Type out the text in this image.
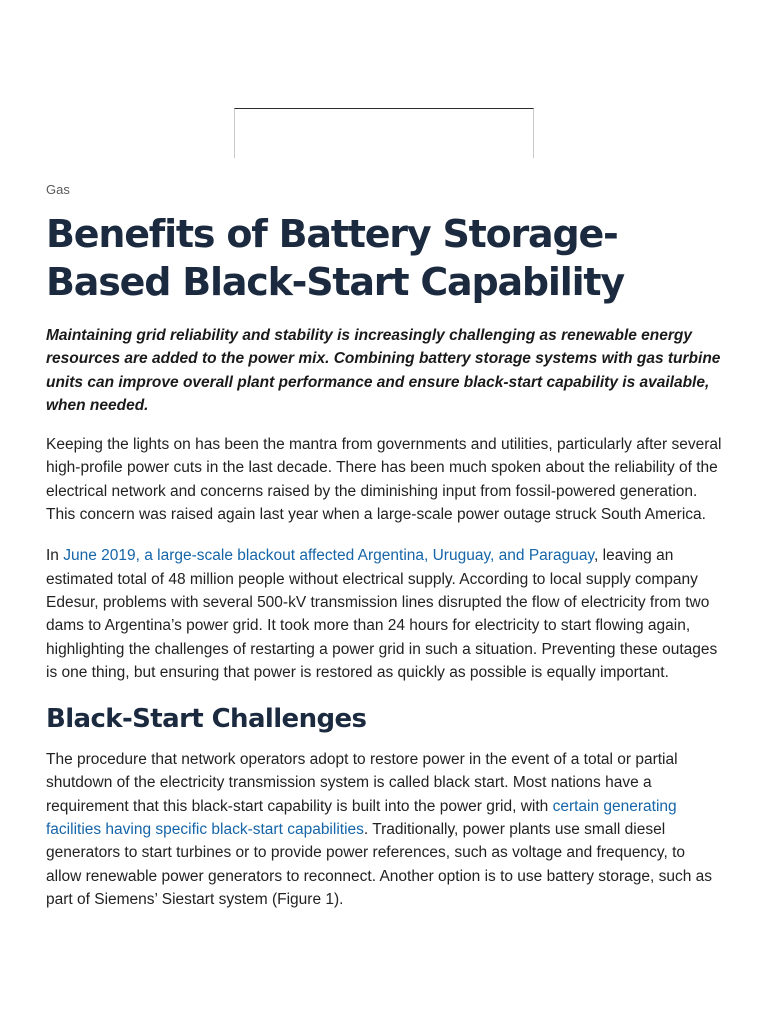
Gas
Benefits of Battery Storage-Based Black-Start Capability

Maintaining grid reliability and stability is increasingly challenging as renewable energy resources are added to the power mix. Combining battery storage systems with gas turbine units can improve overall plant performance and ensure black-start capability is available, when needed.

Keeping the lights on has been the mantra from governments and utilities, particularly after several high-profile power cuts in the last decade. There has been much spoken about the reliability of the electrical network and concerns raised by the diminishing input from fossil-powered generation. This concern was raised again last year when a large-scale power outage struck South America.

In June 2019, a large-scale blackout affected Argentina, Uruguay, and Paraguay, leaving an estimated total of 48 million people without electrical supply. According to local supply company Edesur, problems with several 500-kV transmission lines disrupted the flow of electricity from two dams to Argentina’s power grid. It took more than 24 hours for electricity to start flowing again, highlighting the challenges of restarting a power grid in such a situation. Preventing these outages is one thing, but ensuring that power is restored as quickly as possible is equally important.

Black-Start Challenges

The procedure that network operators adopt to restore power in the event of a total or partial shutdown of the electricity transmission system is called black start. Most nations have a requirement that this black-start capability is built into the power grid, with certain generating facilities having specific black-start capabilities. Traditionally, power plants use small diesel generators to start turbines or to provide power references, such as voltage and frequency, to allow renewable power generators to reconnect. Another option is to use battery storage, such as part of Siemens’ Siestart system (Figure 1).
